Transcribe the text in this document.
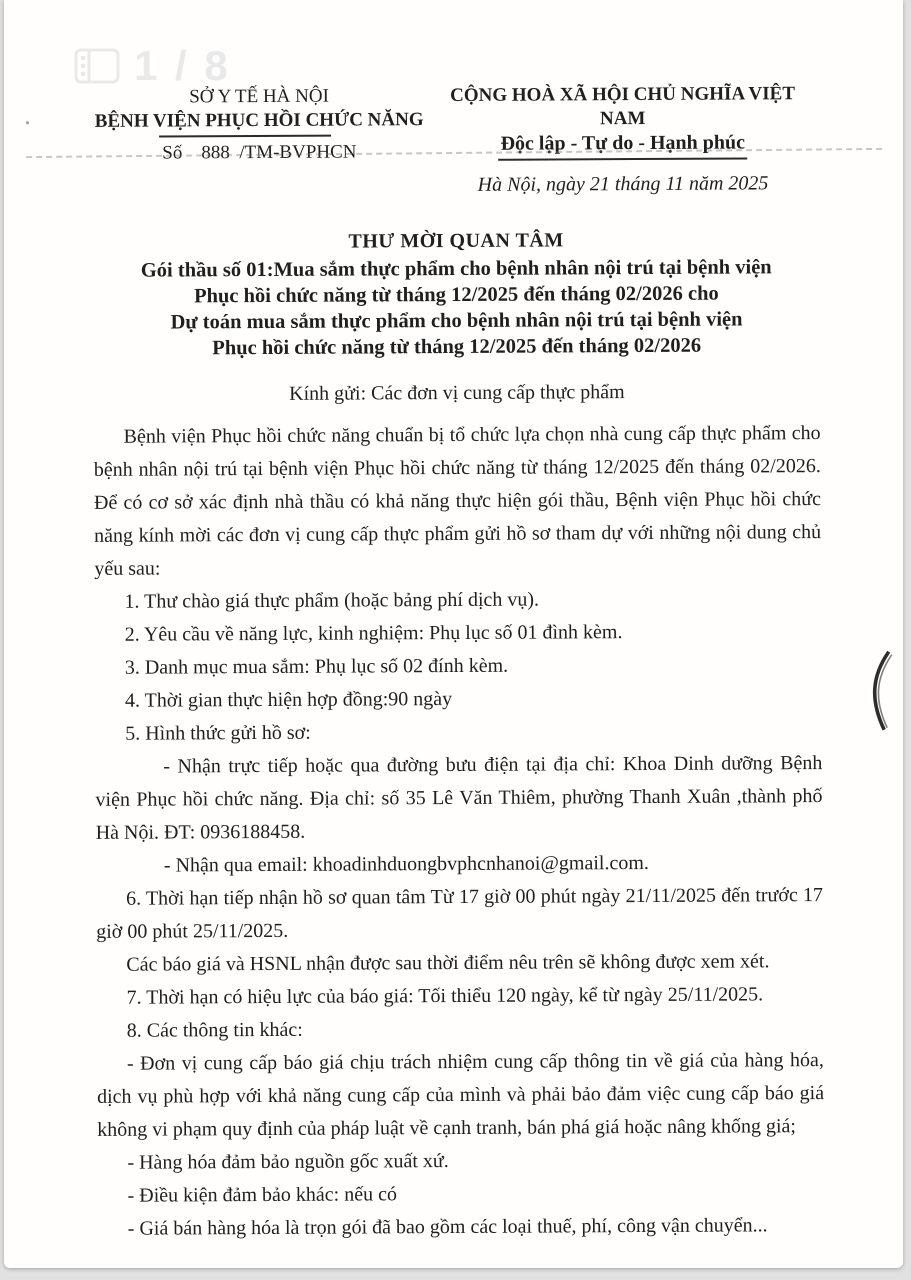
1 / 8
SỞ Y TẾ HÀ NỘI
BỆNH VIỆN PHỤC HỒI CHỨC NĂNG
Số    888  /TM-BVPHCN
CỘNG HOÀ XÃ HỘI CHỦ NGHĨA VIỆT NAM
Độc lập - Tự do - Hạnh phúc
Hà Nội, ngày 21 tháng 11 năm 2025
THƯ MỜI QUAN TÂM
Gói thầu số 01:Mua sắm thực phẩm cho bệnh nhân nội trú tại bệnh viện
Phục hồi chức năng từ tháng 12/2025 đến tháng 02/2026 cho
Dự toán mua sắm thực phẩm cho bệnh nhân nội trú tại bệnh viện
Phục hồi chức năng từ tháng 12/2025 đến tháng 02/2026
Kính gửi: Các đơn vị cung cấp thực phẩm

Bệnh viện Phục hồi chức năng chuẩn bị tổ chức lựa chọn nhà cung cấp thực phẩm cho bệnh nhân nội trú tại bệnh viện Phục hồi chức năng từ tháng 12/2025 đến tháng 02/2026. Để có cơ sở xác định nhà thầu có khả năng thực hiện gói thầu, Bệnh viện Phục hồi chức năng kính mời các đơn vị cung cấp thực phẩm gửi hồ sơ tham dự với những nội dung chủ yếu sau:

1. Thư chào giá thực phẩm (hoặc bảng phí dịch vụ).

2. Yêu cầu về năng lực, kinh nghiệm: Phụ lục số 01 đình kèm.

3. Danh mục mua sắm: Phụ lục số 02 đính kèm.

4. Thời gian thực hiện hợp đồng:90 ngày

5. Hình thức gửi hồ sơ:

- Nhận trực tiếp hoặc qua đường bưu điện tại địa chỉ: Khoa Dinh dưỡng Bệnh viện Phục hồi chức năng. Địa chỉ: số 35 Lê Văn Thiêm, phường Thanh Xuân ,thành phố Hà Nội. ĐT: 0936188458.

- Nhận qua email: khoadinhduongbvphcnhanoi@gmail.com.

6. Thời hạn tiếp nhận hồ sơ quan tâm Từ 17 giờ 00 phút ngày 21/11/2025 đến trước 17 giờ 00 phút 25/11/2025.

Các báo giá và HSNL nhận được sau thời điểm nêu trên sẽ không được xem xét.

7. Thời hạn có hiệu lực của báo giá: Tối thiểu 120 ngày, kể từ ngày 25/11/2025.

8. Các thông tin khác:

- Đơn vị cung cấp báo giá chịu trách nhiệm cung cấp thông tin về giá của hàng hóa, dịch vụ phù hợp với khả năng cung cấp của mình và phải bảo đảm việc cung cấp báo giá không vi phạm quy định của pháp luật về cạnh tranh, bán phá giá hoặc nâng khống giá;

- Hàng hóa đảm bảo nguồn gốc xuất xứ.

- Điều kiện đảm bảo khác: nếu có

- Giá bán hàng hóa là trọn gói đã bao gồm các loại thuế, phí, công vận chuyển...
